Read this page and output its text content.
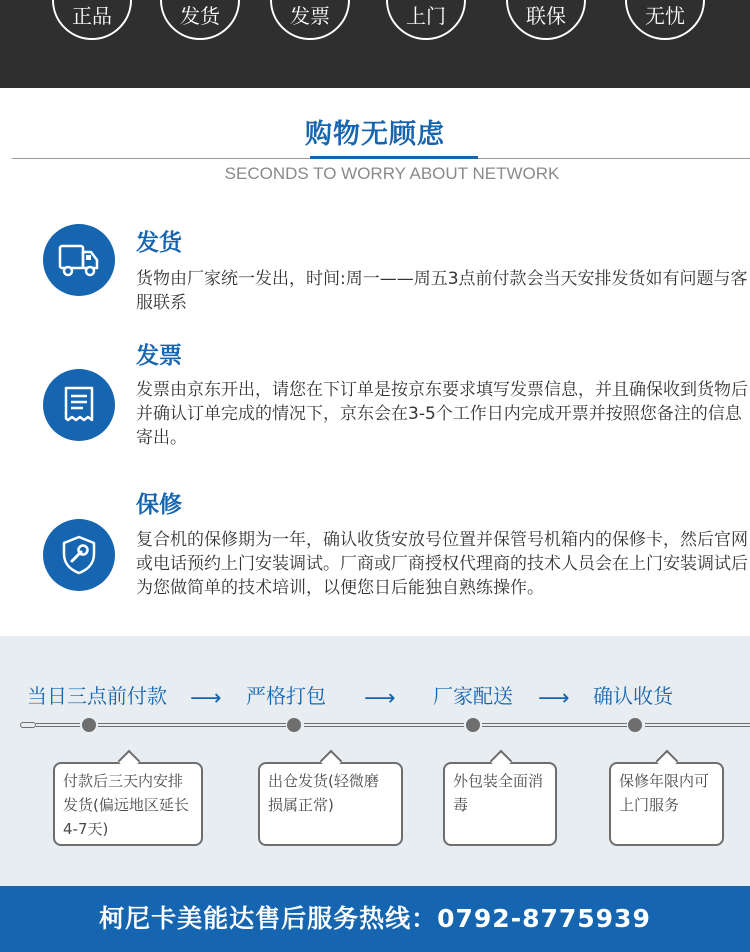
正品	发货	发票	上门	联保	无忧
购物无顾虑
SECONDS TO WORRY ABOUT NETWORK
发货
货物由厂家统一发出，时间:周一——周五3点前付款会当天安排发货如有问题与客服联系
发票
发票由京东开出，请您在下订单是按京东要求填写发票信息，并且确保收到货物后并确认订单完成的情况下，京东会在3-5个工作日内完成开票并按照您备注的信息寄出。
保修
复合机的保修期为一年，确认收货安放号位置并保管号机箱内的保修卡，然后官网或电话预约上门安装调试。厂商或厂商授权代理商的技术人员会在上门安装调试后为您做简单的技术培训，以便您日后能独自熟练操作。
当日三点前付款 ⟶ 严格打包 ⟶ 厂家配送 ⟶ 确认收货
付款后三天内安排发货(偏远地区延长4-7天)
出仓发货(轻微磨损属正常)
外包装全面消毒
保修年限内可上门服务
柯尼卡美能达售后服务热线：0792-8775939
